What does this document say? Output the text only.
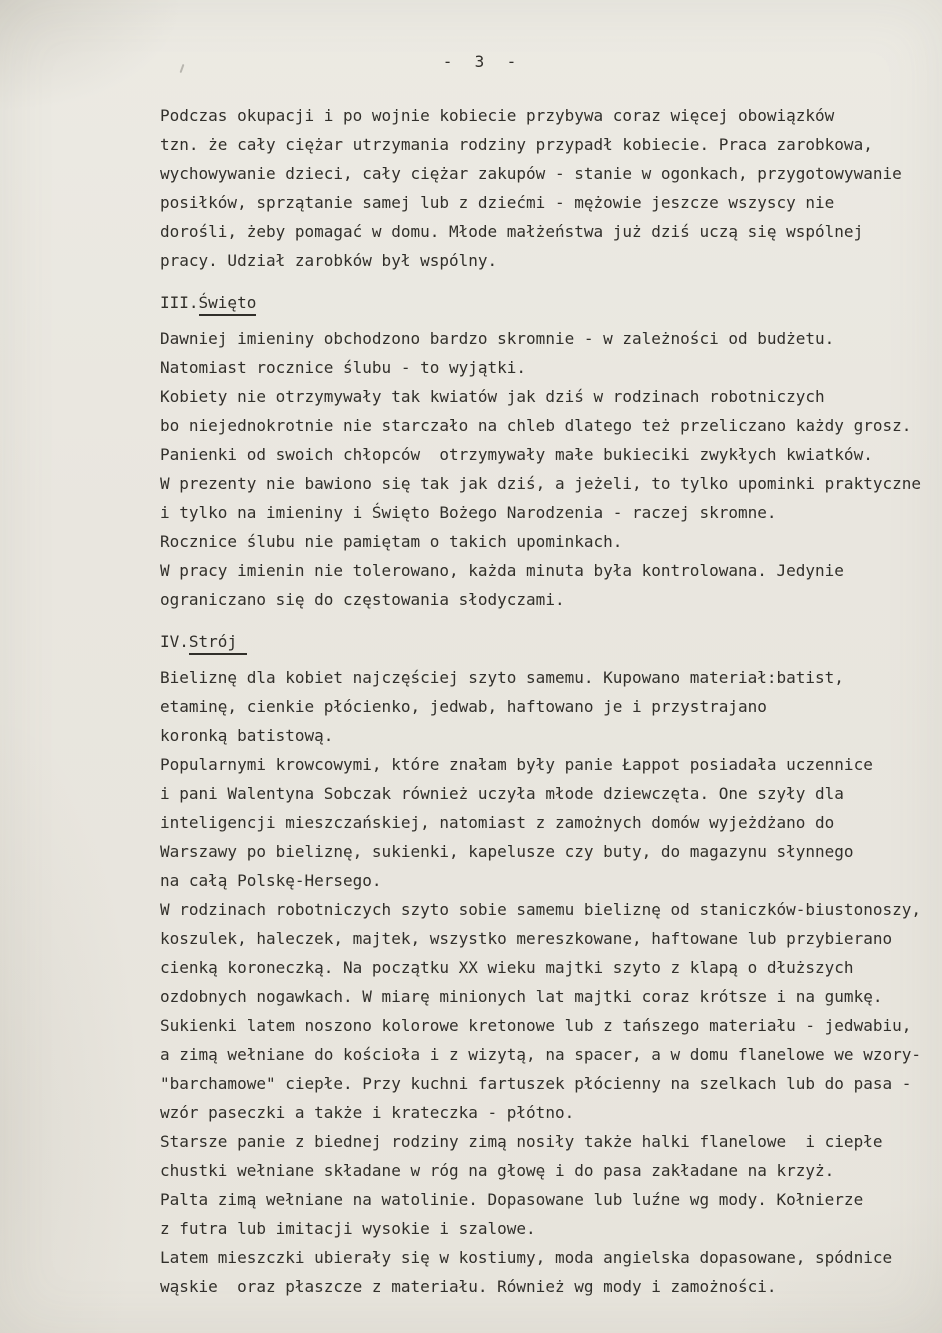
-  3  -
Podczas okupacji i po wojnie kobiecie przybywa coraz więcej obowiązków
tzn. że cały ciężar utrzymania rodziny przypadł kobiecie. Praca zarobkowa,
wychowywanie dzieci, cały ciężar zakupów - stanie w ogonkach, przygotowywanie
posiłków, sprzątanie samej lub z dziećmi - mężowie jeszcze wszyscy nie
dorośli, żeby pomagać w domu. Młode małżeństwa już dziś uczą się wspólnej
pracy. Udział zarobków był wspólny.
III.Święto
Dawniej imieniny obchodzono bardzo skromnie - w zależności od budżetu.
Natomiast rocznice ślubu - to wyjątki.
Kobiety nie otrzymywały tak kwiatów jak dziś w rodzinach robotniczych
bo niejednokrotnie nie starczało na chleb dlatego też przeliczano każdy grosz.
Panienki od swoich chłopców  otrzymywały małe bukieciki zwykłych kwiatków.
W prezenty nie bawiono się tak jak dziś, a jeżeli, to tylko upominki praktyczne
i tylko na imieniny i Święto Bożego Narodzenia - raczej skromne.
Rocznice ślubu nie pamiętam o takich upominkach.
W pracy imienin nie tolerowano, każda minuta była kontrolowana. Jedynie
ograniczano się do częstowania słodyczami.
IV.Strój
Bieliznę dla kobiet najczęściej szyto samemu. Kupowano materiał:batist,
etaminę, cienkie płócienko, jedwab, haftowano je i przystrajano
koronką batistową.
Popularnymi krowcowymi, które znałam były panie Łappot posiadała uczennice
i pani Walentyna Sobczak również uczyła młode dziewczęta. One szyły dla
inteligencji mieszczańskiej, natomiast z zamożnych domów wyjeżdżano do
Warszawy po bieliznę, sukienki, kapelusze czy buty, do magazynu słynnego
na całą Polskę-Hersego.
W rodzinach robotniczych szyto sobie samemu bieliznę od staniczków-biustonoszy,
koszulek, haleczek, majtek, wszystko mereszkowane, haftowane lub przybierano
cienką koroneczką. Na początku XX wieku majtki szyto z klapą o dłuższych
ozdobnych nogawkach. W miarę minionych lat majtki coraz krótsze i na gumkę.
Sukienki latem noszono kolorowe kretonowe lub z tańszego materiału - jedwabiu,
a zimą wełniane do kościoła i z wizytą, na spacer, a w domu flanelowe we wzory-
"barchamowe" ciepłe. Przy kuchni fartuszek płócienny na szelkach lub do pasa -
wzór paseczki a także i krateczka - płótno.
Starsze panie z biednej rodziny zimą nosiły także halki flanelowe  i ciepłe
chustki wełniane składane w róg na głowę i do pasa zakładane na krzyż.
Palta zimą wełniane na watolinie. Dopasowane lub luźne wg mody. Kołnierze
z futra lub imitacji wysokie i szalowe.
Latem mieszczki ubierały się w kostiumy, moda angielska dopasowane, spódnice
wąskie  oraz płaszcze z materiału. Również wg mody i zamożności.
